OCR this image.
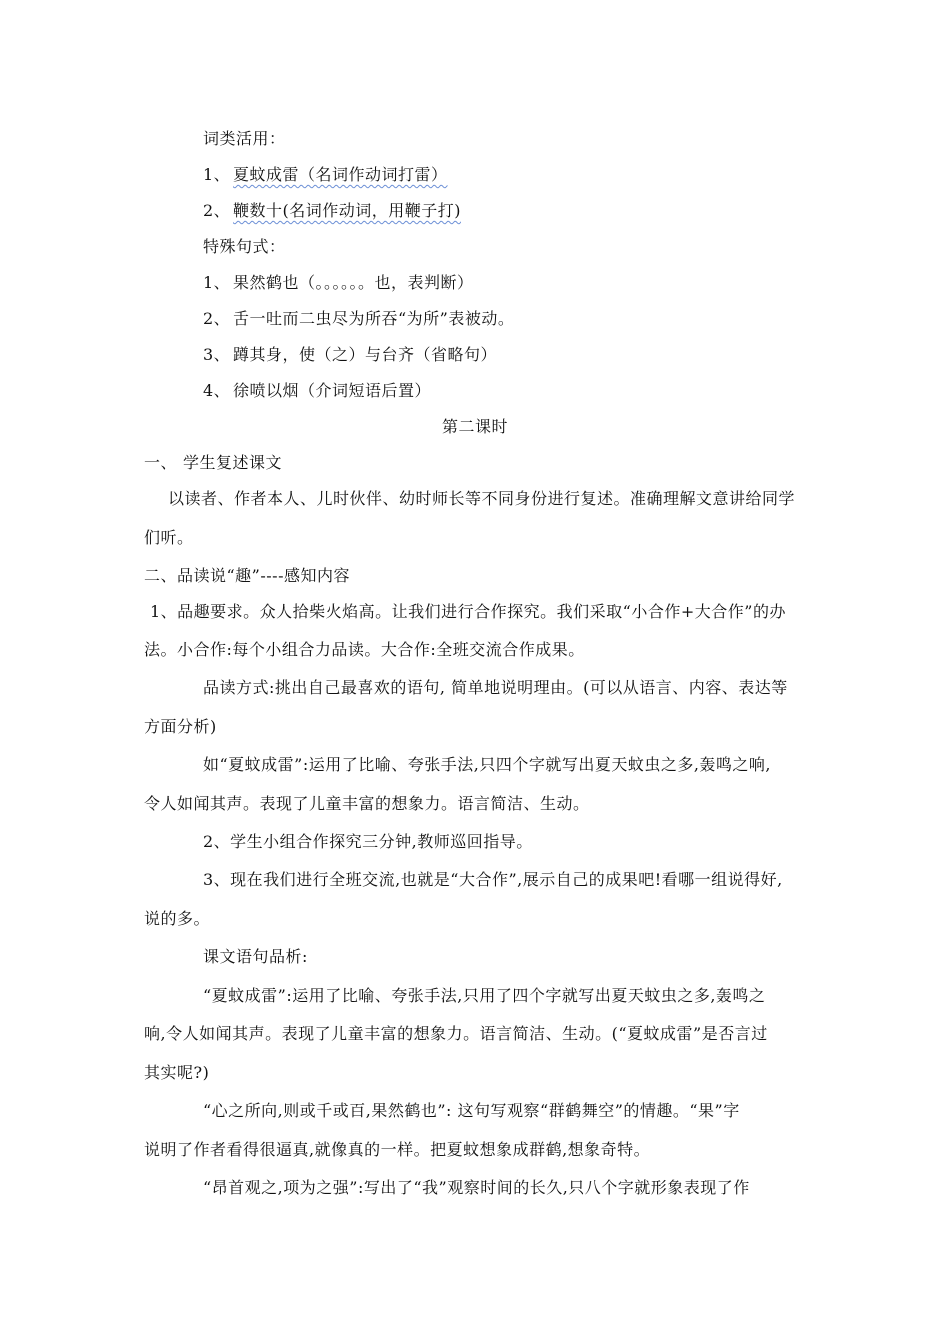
词类活用：
1、 夏蚊成雷（名词作动词打雷）
2、 鞭数十(名词作动词，用鞭子打)
特殊句式：
1、 果然鹤也（。。。。。。也，表判断）
2、 舌一吐而二虫尽为所吞“为所”表被动。
3、 蹲其身，使（之）与台齐（省略句）
4、 徐喷以烟（介词短语后置）
第二课时
一、 学生复述课文
以读者、作者本人、儿时伙伴、幼时师长等不同身份进行复述。准确理解文意讲给同学
们听。
二、品读说“趣”----感知内容
1、品趣要求。众人拾柴火焰高。让我们进行合作探究。我们采取“小合作+大合作”的办
法。小合作:每个小组合力品读。大合作:全班交流合作成果。
品读方式:挑出自己最喜欢的语句, 简单地说明理由。(可以从语言、内容、表达等
方面分析)
如“夏蚊成雷”:运用了比喻、夸张手法,只四个字就写出夏天蚊虫之多,轰鸣之响,
令人如闻其声。表现了儿童丰富的想象力。语言简洁、生动。
2、学生小组合作探究三分钟,教师巡回指导。
3、现在我们进行全班交流,也就是“大合作”,展示自己的成果吧!看哪一组说得好,
说的多。
课文语句品析:
“夏蚊成雷”:运用了比喻、夸张手法,只用了四个字就写出夏天蚊虫之多,轰鸣之
响,令人如闻其声。表现了儿童丰富的想象力。语言简洁、生动。(“夏蚊成雷”是否言过
其实呢?)
“心之所向,则或千或百,果然鹤也”: 这句写观察“群鹤舞空”的情趣。“果”字
说明了作者看得很逼真,就像真的一样。把夏蚊想象成群鹤,想象奇特。
“昂首观之,项为之强”:写出了“我”观察时间的长久,只八个字就形象表现了作
